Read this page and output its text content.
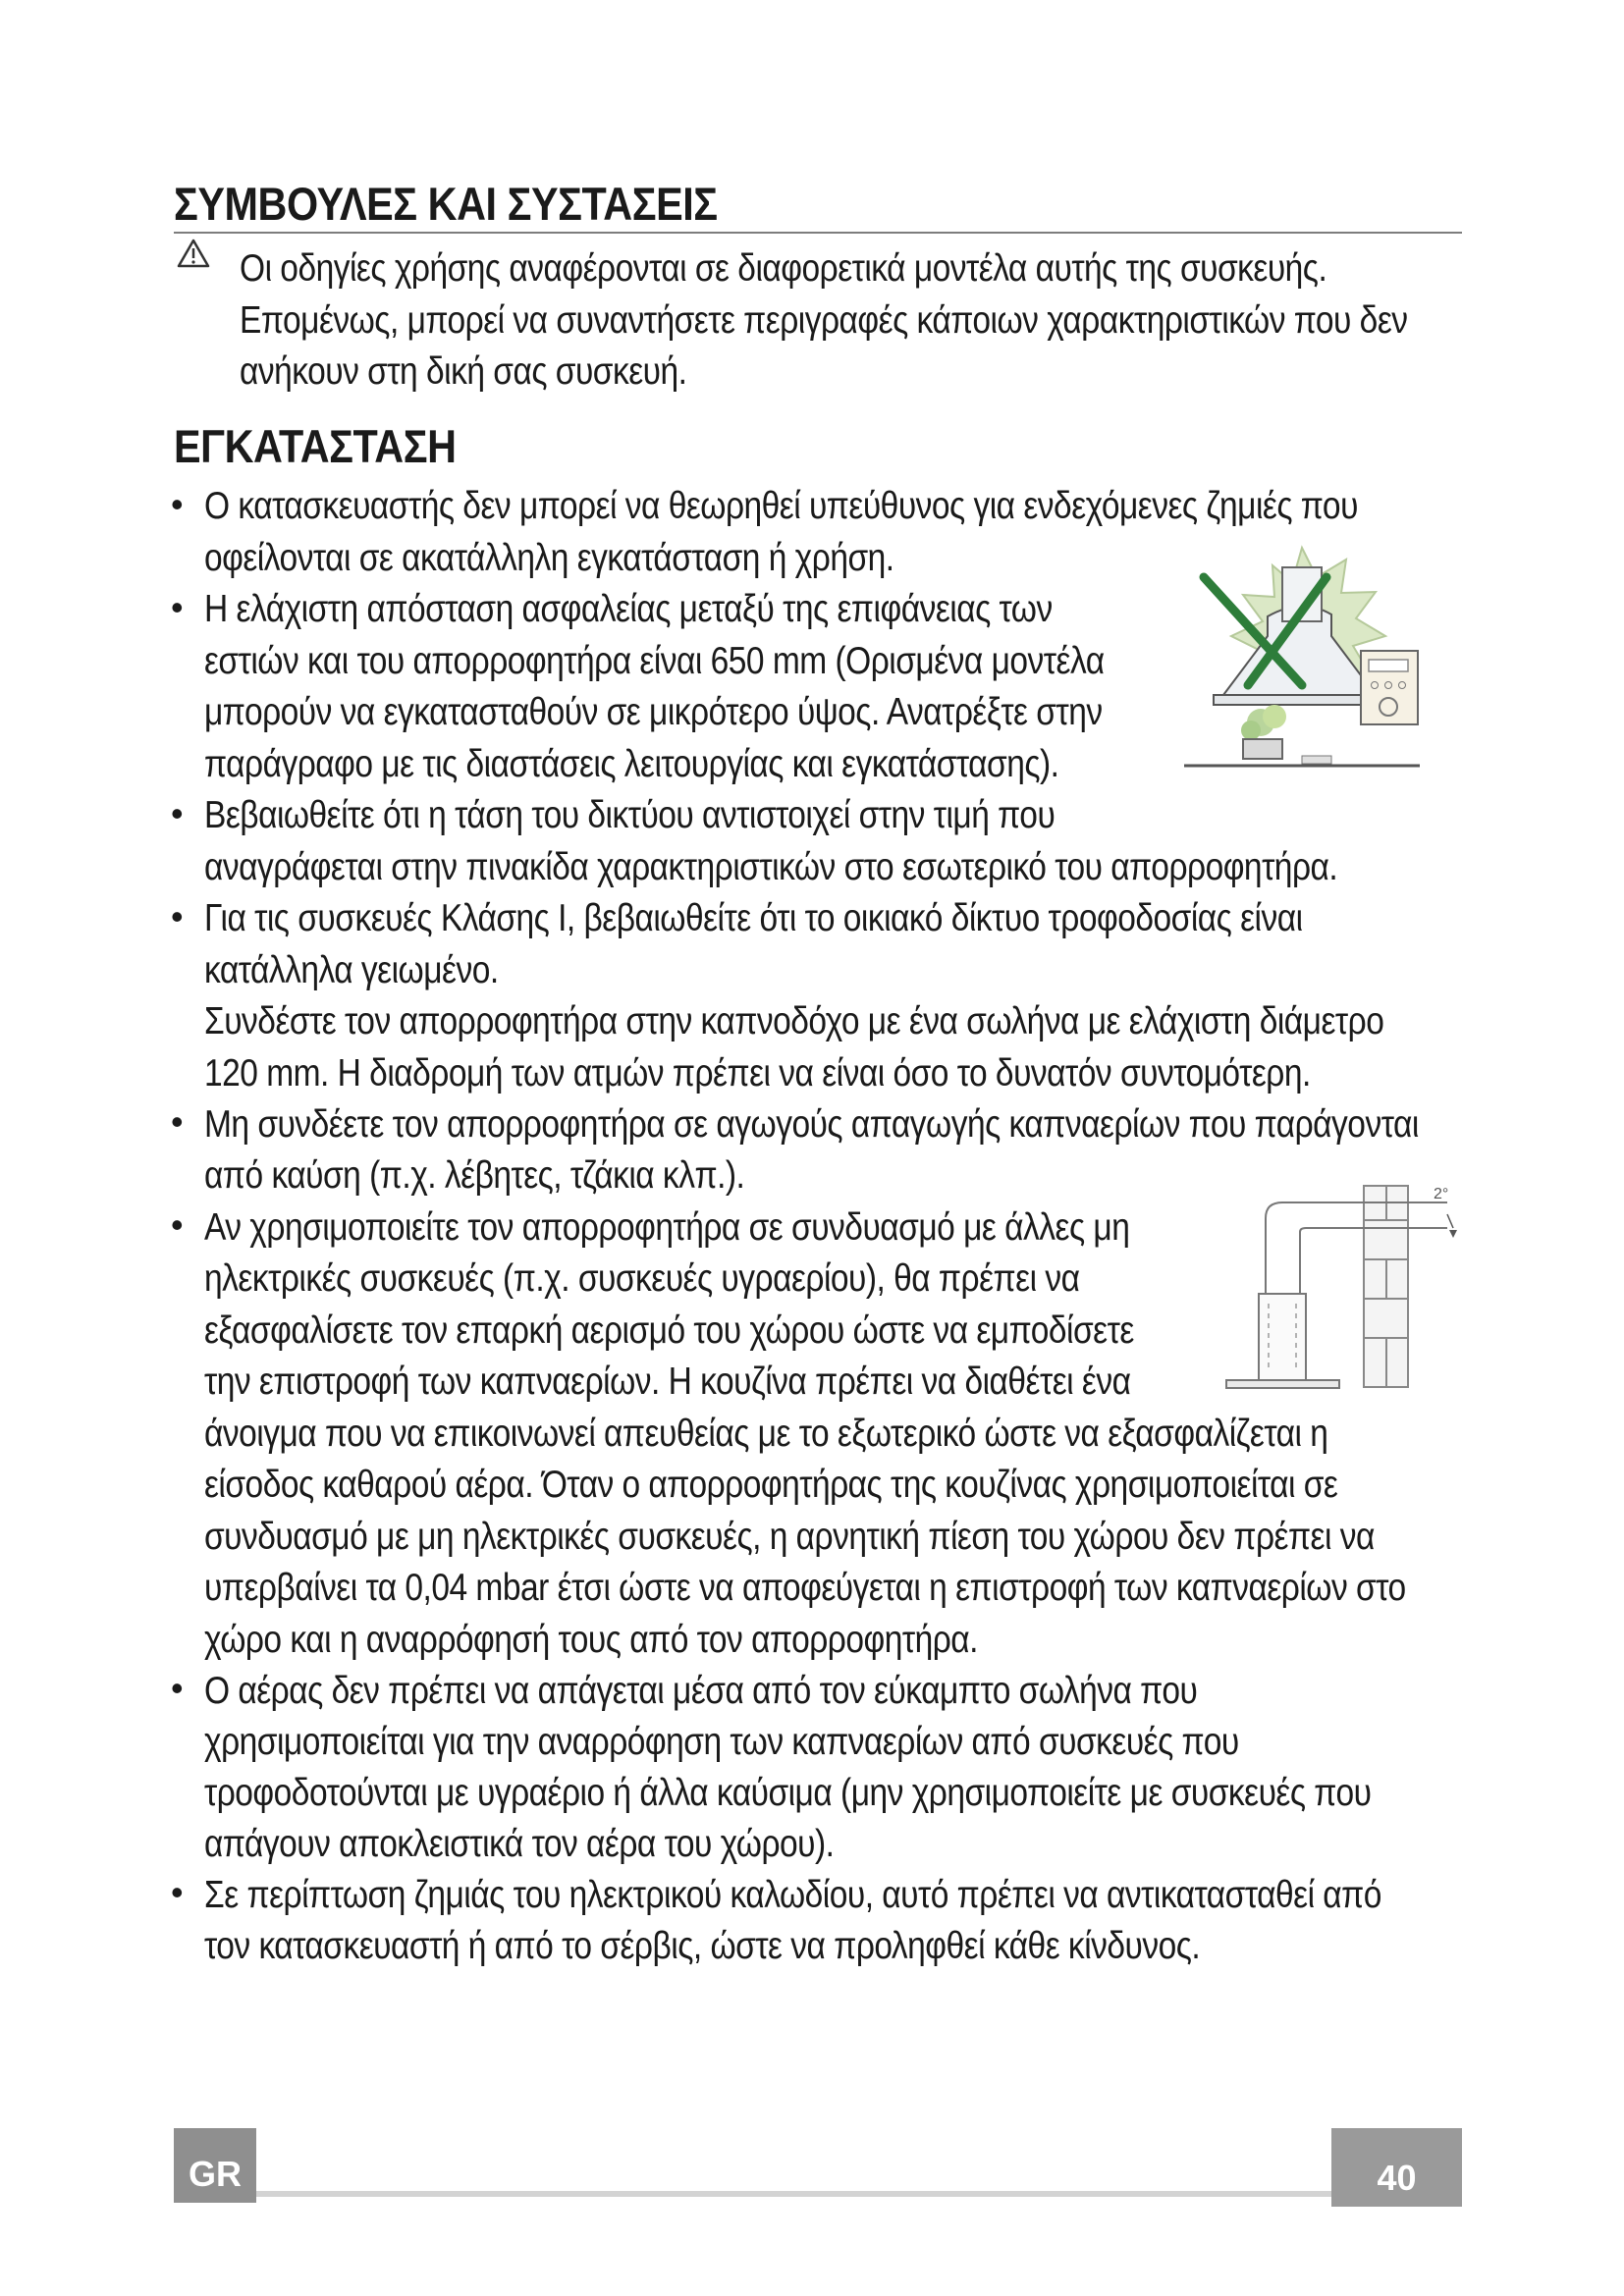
ΣΥΜΒΟΥΛΕΣ ΚΑΙ ΣΥΣΤΑΣΕΙΣ

Οι οδηγίες χρήσης αναφέρονται σε διαφορετικά μοντέλα αυτής της συσκευής.

Επομένως, μπορεί να συναντήσετε περιγραφές κάποιων χαρακτηριστικών που δεν

ανήκουν στη δική σας συσκευή.

ΕΓΚΑΤΑΣΤΑΣΗ
•
•
•
•
•
•
•
•

Ο κατασκευαστής δεν μπορεί να θεωρηθεί υπεύθυνος για ενδεχόμενες ζημιές που

οφείλονται σε ακατάλληλη εγκατάσταση ή χρήση.

Η ελάχιστη απόσταση ασφαλείας μεταξύ της επιφάνειας των

εστιών και του απορροφητήρα είναι 650 mm (Ορισμένα μοντέλα

μπορούν να εγκατασταθούν σε μικρότερο ύψος. Ανατρέξτε στην

παράγραφο με τις διαστάσεις λειτουργίας και εγκατάστασης).

Βεβαιωθείτε ότι η τάση του δικτύου αντιστοιχεί στην τιμή που

αναγράφεται στην πινακίδα χαρακτηριστικών στο εσωτερικό του απορροφητήρα.

Για τις συσκευές Κλάσης I, βεβαιωθείτε ότι το οικιακό δίκτυο τροφοδοσίας είναι

κατάλληλα γειωμένο.

Συνδέστε τον απορροφητήρα στην καπνοδόχο με ένα σωλήνα με ελάχιστη διάμετρο

120 mm. Η διαδρομή των ατμών πρέπει να είναι όσο το δυνατόν συντομότερη.

Μη συνδέετε τον απορροφητήρα σε αγωγούς απαγωγής καπναερίων που παράγονται

από καύση (π.χ. λέβητες, τζάκια κλπ.).

Αν χρησιμοποιείτε τον απορροφητήρα σε συνδυασμό με άλλες μη

ηλεκτρικές συσκευές (π.χ. συσκευές υγραερίου), θα πρέπει να

εξασφαλίσετε τον επαρκή αερισμό του χώρου ώστε να εμποδίσετε

την επιστροφή των καπναερίων. Η κουζίνα πρέπει να διαθέτει ένα

άνοιγμα που να επικοινωνεί απευθείας με το εξωτερικό ώστε να εξασφαλίζεται η

είσοδος καθαρού αέρα. Όταν ο απορροφητήρας της κουζίνας χρησιμοποιείται σε

συνδυασμό με μη ηλεκτρικές συσκευές, η αρνητική πίεση του χώρου δεν πρέπει να

υπερβαίνει τα 0,04 mbar έτσι ώστε να αποφεύγεται η επιστροφή των καπναερίων στο

χώρο και η αναρρόφησή τους από τον απορροφητήρα.

Ο αέρας δεν πρέπει να απάγεται μέσα από τον εύκαμπτο σωλήνα που

χρησιμοποιείται για την αναρρόφηση των καπναερίων από συσκευές που

τροφοδοτούνται με υγραέριο ή άλλα καύσιμα (μην χρησιμοποιείτε με συσκευές που

απάγουν αποκλειστικά τον αέρα του χώρου).

Σε περίπτωση ζημιάς του ηλεκτρικού καλωδίου, αυτό πρέπει να αντικατασταθεί από

τον κατασκευαστή ή από το σέρβις, ώστε να προληφθεί κάθε κίνδυνος.

2°
GR	40
